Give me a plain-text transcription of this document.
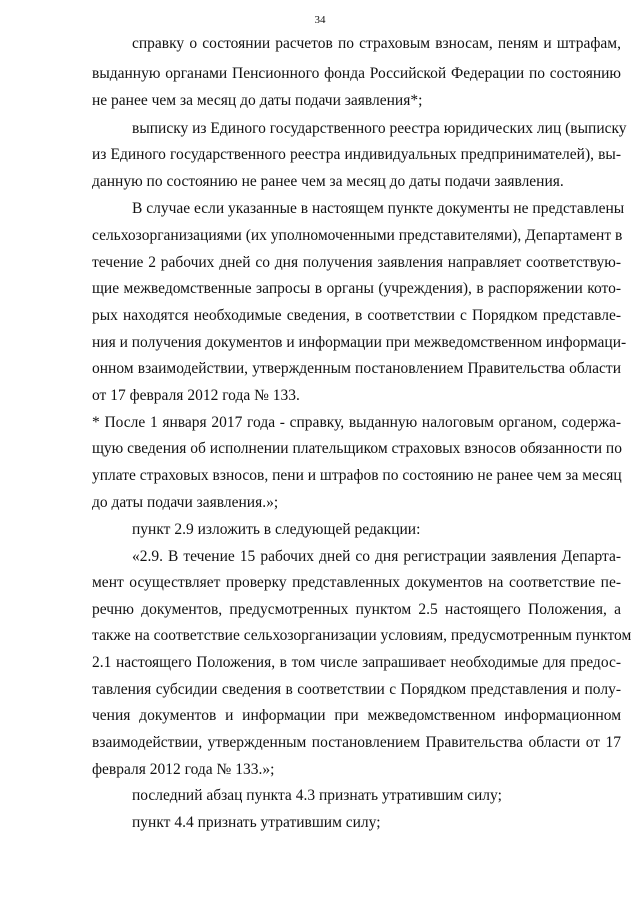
34
справку о состоянии расчетов по страховым взносам, пеням и штрафам,
выданную органами Пенсионного фонда Российской Федерации по состоянию
не ранее чем за месяц до даты подачи заявления*;
выписку из Единого государственного реестра юридических лиц (выписку
из Единого государственного реестра индивидуальных предпринимателей), вы-
данную по состоянию не ранее чем за месяц до даты подачи заявления.
В случае если указанные в настоящем пункте документы не представлены
сельхозорганизациями (их уполномоченными представителями), Департамент в
течение 2 рабочих дней со дня получения заявления направляет соответствую-
щие межведомственные запросы в органы (учреждения), в распоряжении кото-
рых находятся необходимые сведения, в соответствии с Порядком представле-
ния и получения документов и информации при межведомственном информаци-
онном взаимодействии, утвержденным постановлением Правительства области
от 17 февраля 2012 года № 133.
* После 1 января 2017 года - справку, выданную налоговым органом, содержа-
щую сведения об исполнении плательщиком страховых взносов обязанности по
уплате страховых взносов, пени и штрафов по состоянию не ранее чем за месяц
до даты подачи заявления.»;
пункт 2.9 изложить в следующей редакции:
«2.9. В течение 15 рабочих дней со дня регистрации заявления Департа-
мент осуществляет проверку представленных документов на соответствие пе-
речню документов, предусмотренных пунктом 2.5 настоящего Положения, а
также на соответствие сельхозорганизации условиям, предусмотренным пунктом
2.1 настоящего Положения, в том числе запрашивает необходимые для предос-
тавления субсидии сведения в соответствии с Порядком представления и полу-
чения документов и информации при межведомственном информационном
взаимодействии, утвержденным постановлением Правительства области от 17
февраля 2012 года № 133.»;
последний абзац пункта 4.3 признать утратившим силу;
пункт 4.4 признать утратившим силу;
